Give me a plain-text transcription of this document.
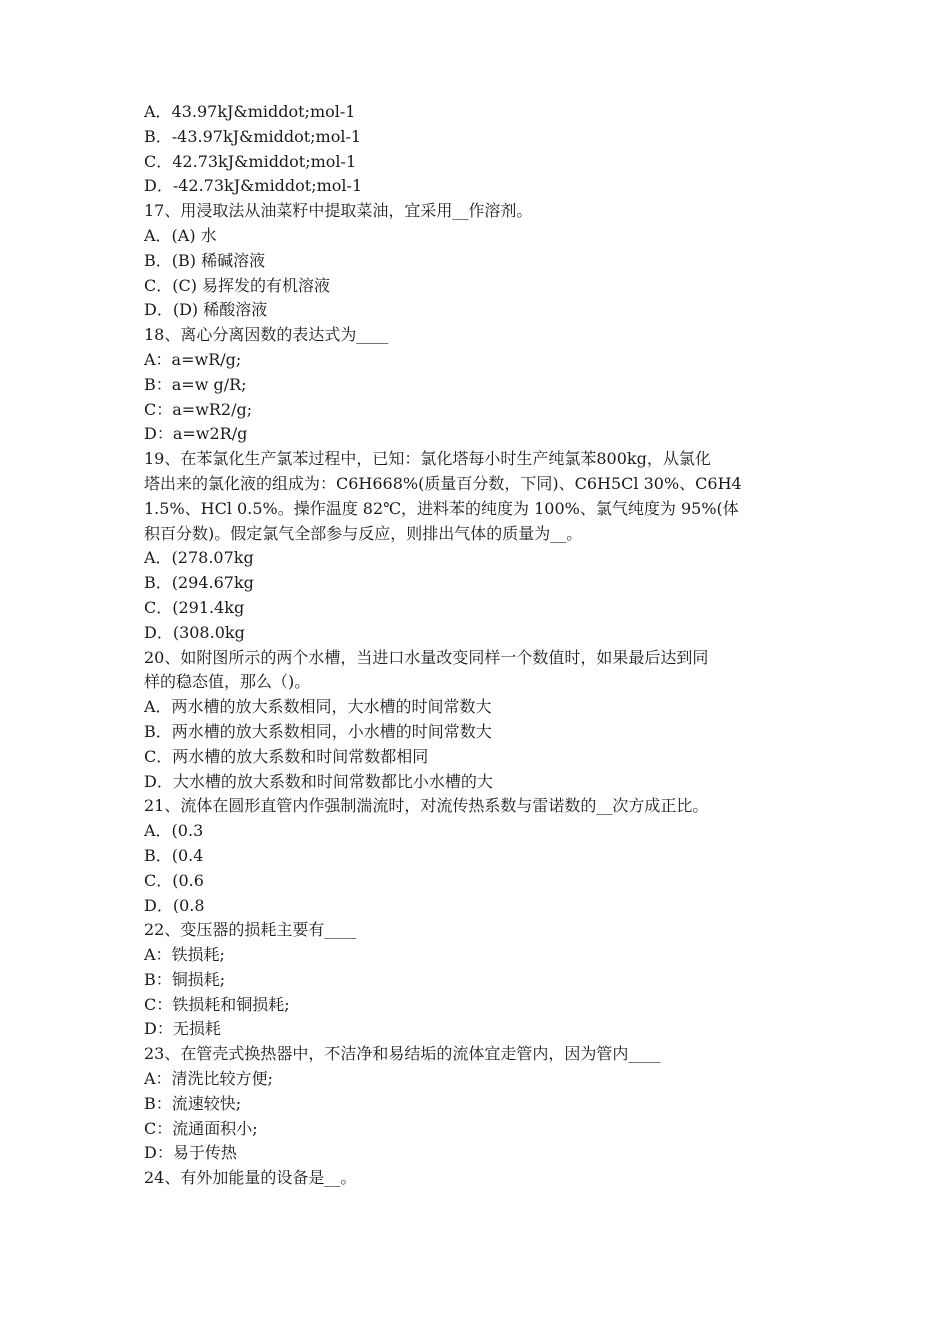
A．43.97kJ&middot;mol-1
B．-43.97kJ&middot;mol-1
C．42.73kJ&middot;mol-1
D．-42.73kJ&middot;mol-1
17、用浸取法从油菜籽中提取菜油，宜采用__作溶剂。
A．(A) 水
B．(B) 稀碱溶液
C．(C) 易挥发的有机溶液
D．(D) 稀酸溶液
18、离心分离因数的表达式为____
A：a=wR/g;
B：a=w g/R;
C：a=wR2/g;
D：a=w2R/g
19、在苯氯化生产氯苯过程中，已知：氯化塔每小时生产纯氯苯800kg，从氯化
塔出来的氯化液的组成为：C6H668%(质量百分数，下同)、C6H5Cl 30%、C6H4
1.5%、HCl 0.5%。操作温度 82℃，进料苯的纯度为 100%、氯气纯度为 95%(体
积百分数)。假定氯气全部参与反应，则排出气体的质量为__。
A．(278.07kg
B．(294.67kg
C．(291.4kg
D．(308.0kg
20、如附图所示的两个水槽，当进口水量改变同样一个数值时，如果最后达到同
样的稳态值，那么（)。
A．两水槽的放大系数相同，大水槽的时间常数大
B．两水槽的放大系数相同，小水槽的时间常数大
C．两水槽的放大系数和时间常数都相同
D．大水槽的放大系数和时间常数都比小水槽的大
21、流体在圆形直管内作强制湍流时，对流传热系数与雷诺数的__次方成正比。
A．(0.3
B．(0.4
C．(0.6
D．(0.8
22、变压器的损耗主要有____
A：铁损耗;
B：铜损耗;
C：铁损耗和铜损耗;
D：无损耗
23、在管壳式换热器中，不洁净和易结垢的流体宜走管内，因为管内____
A：清洗比较方便;
B：流速较快;
C：流通面积小;
D：易于传热
24、有外加能量的设备是__。
